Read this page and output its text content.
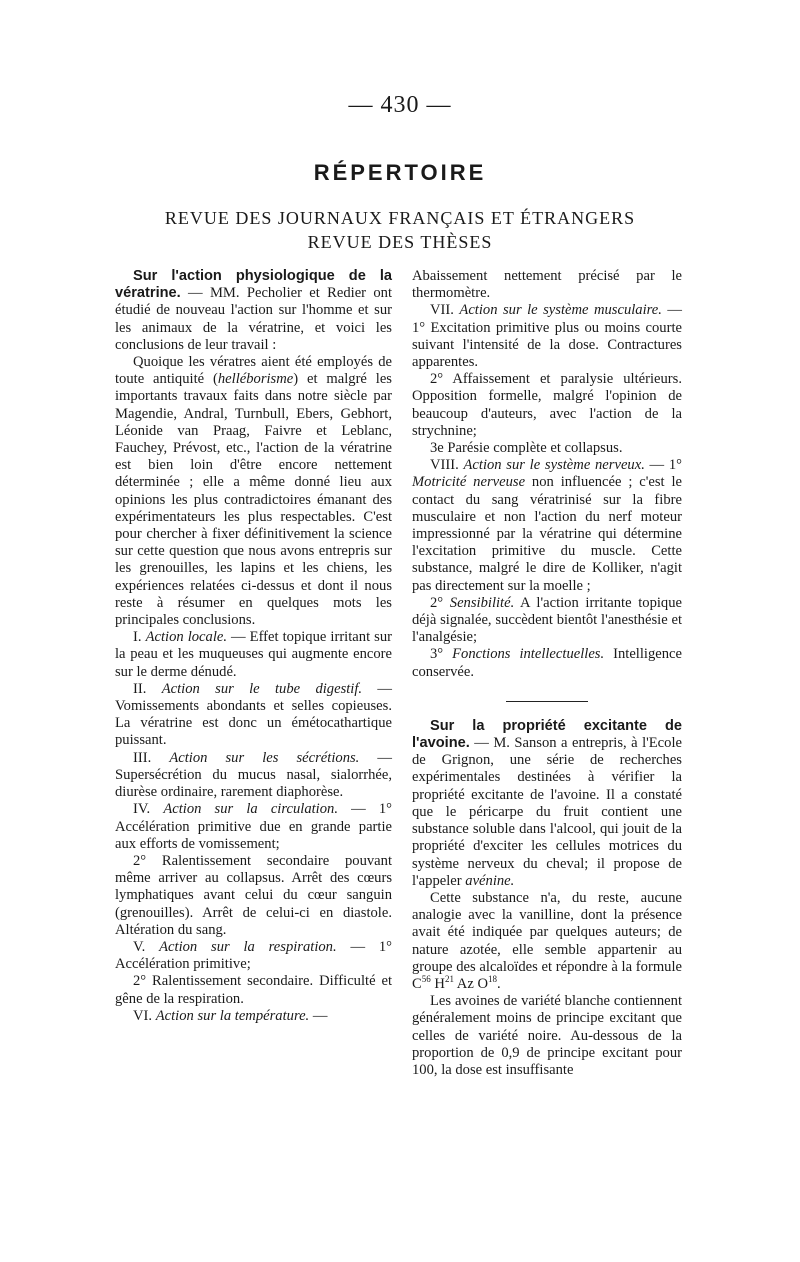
— 430 —
RÉPERTOIRE
REVUE DES JOURNAUX FRANÇAIS ET ÉTRANGERS
REVUE DES THÈSES

Sur l'action physiologique de la vératrine. — MM. Pecholier et Redier ont étudié de nouveau l'action sur l'homme et sur les animaux de la vératrine, et voici les conclusions de leur travail :

Quoique les vératres aient été employés de toute antiquité (helléborisme) et malgré les importants travaux faits dans notre siècle par Magendie, Andral, Turnbull, Ebers, Gebhort, Léonide van Praag, Faivre et Leblanc, Fauchey, Prévost, etc., l'action de la vératrine est bien loin d'être encore nettement déterminée ; elle a même donné lieu aux opinions les plus contradictoires émanant des expérimentateurs les plus respectables. C'est pour chercher à fixer définitivement la science sur cette question que nous avons entrepris sur les grenouilles, les lapins et les chiens, les expériences relatées ci-dessus et dont il nous reste à résumer en quelques mots les principales conclusions.

I. Action locale. — Effet topique irritant sur la peau et les muqueuses qui augmente encore sur le derme dénudé.

II. Action sur le tube digestif. — Vomissements abondants et selles copieuses. La vératrine est donc un émétocathartique puissant.

III. Action sur les sécrétions. — Supersécrétion du mucus nasal, sialorrhée, diurèse ordinaire, rarement diaphorèse.

IV. Action sur la circulation. — 1° Accélération primitive due en grande partie aux efforts de vomissement;

2° Ralentissement secondaire pouvant même arriver au collapsus. Arrêt des cœurs lymphatiques avant celui du cœur sanguin (grenouilles). Arrêt de celui-ci en diastole. Altération du sang.

V. Action sur la respiration. — 1° Accélération primitive;

2° Ralentissement secondaire. Difficulté et gêne de la respiration.

VI. Action sur la température. —

Abaissement nettement précisé par le thermomètre.

VII. Action sur le système musculaire. — 1° Excitation primitive plus ou moins courte suivant l'intensité de la dose. Contractures apparentes.

2° Affaissement et paralysie ultérieurs. Opposition formelle, malgré l'opinion de beaucoup d'auteurs, avec l'action de la strychnine;

3e Parésie complète et collapsus.

VIII. Action sur le système nerveux. — 1° Motricité nerveuse non influencée ; c'est le contact du sang vératrinisé sur la fibre musculaire et non l'action du nerf moteur impressionné par la vératrine qui détermine l'excitation primitive du muscle. Cette substance, malgré le dire de Kolliker, n'agit pas directement sur la moelle ;

2° Sensibilité. A l'action irritante topique déjà signalée, succèdent bientôt l'anesthésie et l'analgésie;

3° Fonctions intellectuelles. Intelligence conservée.

Sur la propriété excitante de l'avoine. — M. Sanson a entrepris, à l'Ecole de Grignon, une série de recherches expérimentales destinées à vérifier la propriété excitante de l'avoine. Il a constaté que le péricarpe du fruit contient une substance soluble dans l'alcool, qui jouit de la propriété d'exciter les cellules motrices du système nerveux du cheval; il propose de l'appeler avénine.

Cette substance n'a, du reste, aucune analogie avec la vanilline, dont la présence avait été indiquée par quelques auteurs; de nature azotée, elle semble appartenir au groupe des alcaloïdes et répondre à la formule $C^{56}$ $H^{21}$ Az $O^{18}$.

Les avoines de variété blanche contiennent généralement moins de principe excitant que celles de variété noire. Au-dessous de la proportion de 0,9 de principe excitant pour 100, la dose est insuffisante
